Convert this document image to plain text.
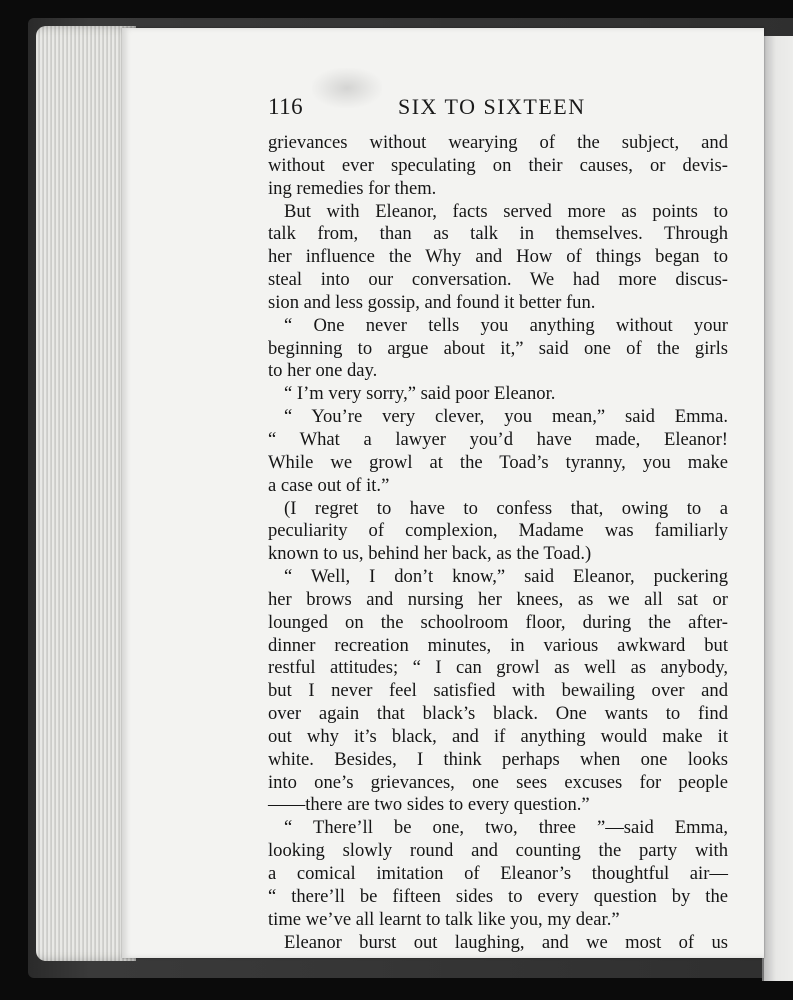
116	SIX TO SIXTEEN
grievances without wearying of the subject, and
without ever speculating on their causes, or devis-
ing remedies for them.
But with Eleanor, facts served more as points to
talk from, than as talk in themselves. Through
her influence the Why and How of things began to
steal into our conversation. We had more discus-
sion and less gossip, and found it better fun.
“ One never tells you anything without your
beginning to argue about it,” said one of the girls
to her one day.
“ I’m very sorry,” said poor Eleanor.
“ You’re very clever, you mean,” said Emma.
“ What a lawyer you’d have made, Eleanor!
While we growl at the Toad’s tyranny, you make
a case out of it.”
(I regret to have to confess that, owing to a
peculiarity of complexion, Madame was familiarly
known to us, behind her back, as the Toad.)
“ Well, I don’t know,” said Eleanor, puckering
her brows and nursing her knees, as we all sat or
lounged on the schoolroom floor, during the after-
dinner recreation minutes, in various awkward but
restful attitudes; “ I can growl as well as anybody,
but I never feel satisfied with bewailing over and
over again that black’s black. One wants to find
out why it’s black, and if anything would make it
white. Besides, I think perhaps when one looks
into one’s grievances, one sees excuses for people
——there are two sides to every question.”
“ There’ll be one, two, three ”—said Emma,
looking slowly round and counting the party with
a comical imitation of Eleanor’s thoughtful air—
“ there’ll be fifteen sides to every question by the
time we’ve all learnt to talk like you, my dear.”
Eleanor burst out laughing, and we most of us
